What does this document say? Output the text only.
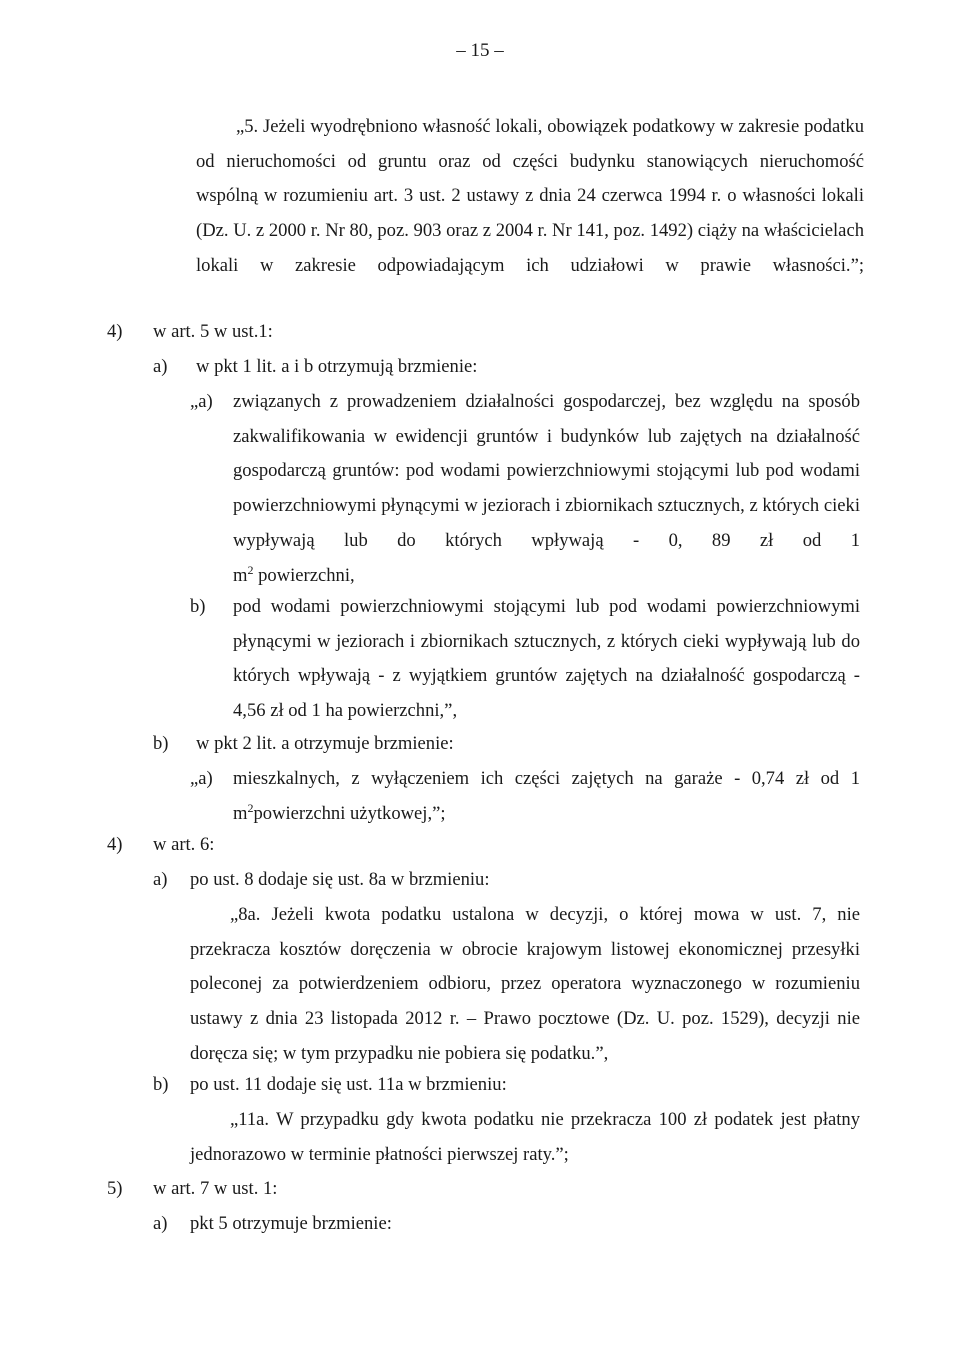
– 15 –
„5. Jeżeli wyodrębniono własność lokali, obowiązek podatkowy w zakresie podatku od nieruchomości od gruntu oraz od części budynku stanowiących nieruchomość wspólną w rozumieniu art. 3 ust. 2 ustawy z dnia 24 czerwca 1994 r. o własności lokali (Dz. U. z 2000 r. Nr 80, poz. 903 oraz z 2004 r. Nr 141, poz. 1492) ciąży na właścicielach lokali w zakresie odpowiadającym ich udziałowi w prawie własności.”;
4) w art. 5 w ust.1:
a) w pkt 1 lit. a i b otrzymują brzmienie:
„a) związanych z prowadzeniem działalności gospodarczej, bez względu na sposób zakwalifikowania w ewidencji gruntów i budynków lub zajętych na działalność gospodarczą gruntów: pod wodami powierzchniowymi stojącymi lub pod wodami powierzchniowymi płynącymi w jeziorach i zbiornikach sztucznych, z których cieki wypływają lub do których wpływają - 0, 89 zł od 1
$m^2$ powierzchni,
b) pod wodami powierzchniowymi stojącymi lub pod wodami powierzchniowymi płynącymi w jeziorach i zbiornikach sztucznych, z których cieki wypływają lub do których wpływają - z wyjątkiem gruntów zajętych na działalność gospodarczą - 4,56 zł od 1 ha powierzchni,”,
b) w pkt 2 lit. a otrzymuje brzmienie:
„a) mieszkalnych, z wyłączeniem ich części zajętych na garaże - 0,74 zł od 1
$m^2powierzchni$ użytkowej,”;
4) w art. 6:
a) po ust. 8 dodaje się ust. 8a w brzmieniu:
„8a. Jeżeli kwota podatku ustalona w decyzji, o której mowa w ust. 7, nie przekracza kosztów doręczenia w obrocie krajowym listowej ekonomicznej przesyłki poleconej za potwierdzeniem odbioru, przez operatora wyznaczonego w rozumieniu ustawy z dnia 23 listopada 2012 r. – Prawo pocztowe (Dz. U. poz. 1529), decyzji nie doręcza się; w tym przypadku nie pobiera się podatku.”,
b) po ust. 11 dodaje się ust. 11a w brzmieniu:
„11a. W przypadku gdy kwota podatku nie przekracza 100 zł podatek jest płatny jednorazowo w terminie płatności pierwszej raty.”;
5) w art. 7 w ust. 1:
a) pkt 5 otrzymuje brzmienie:
